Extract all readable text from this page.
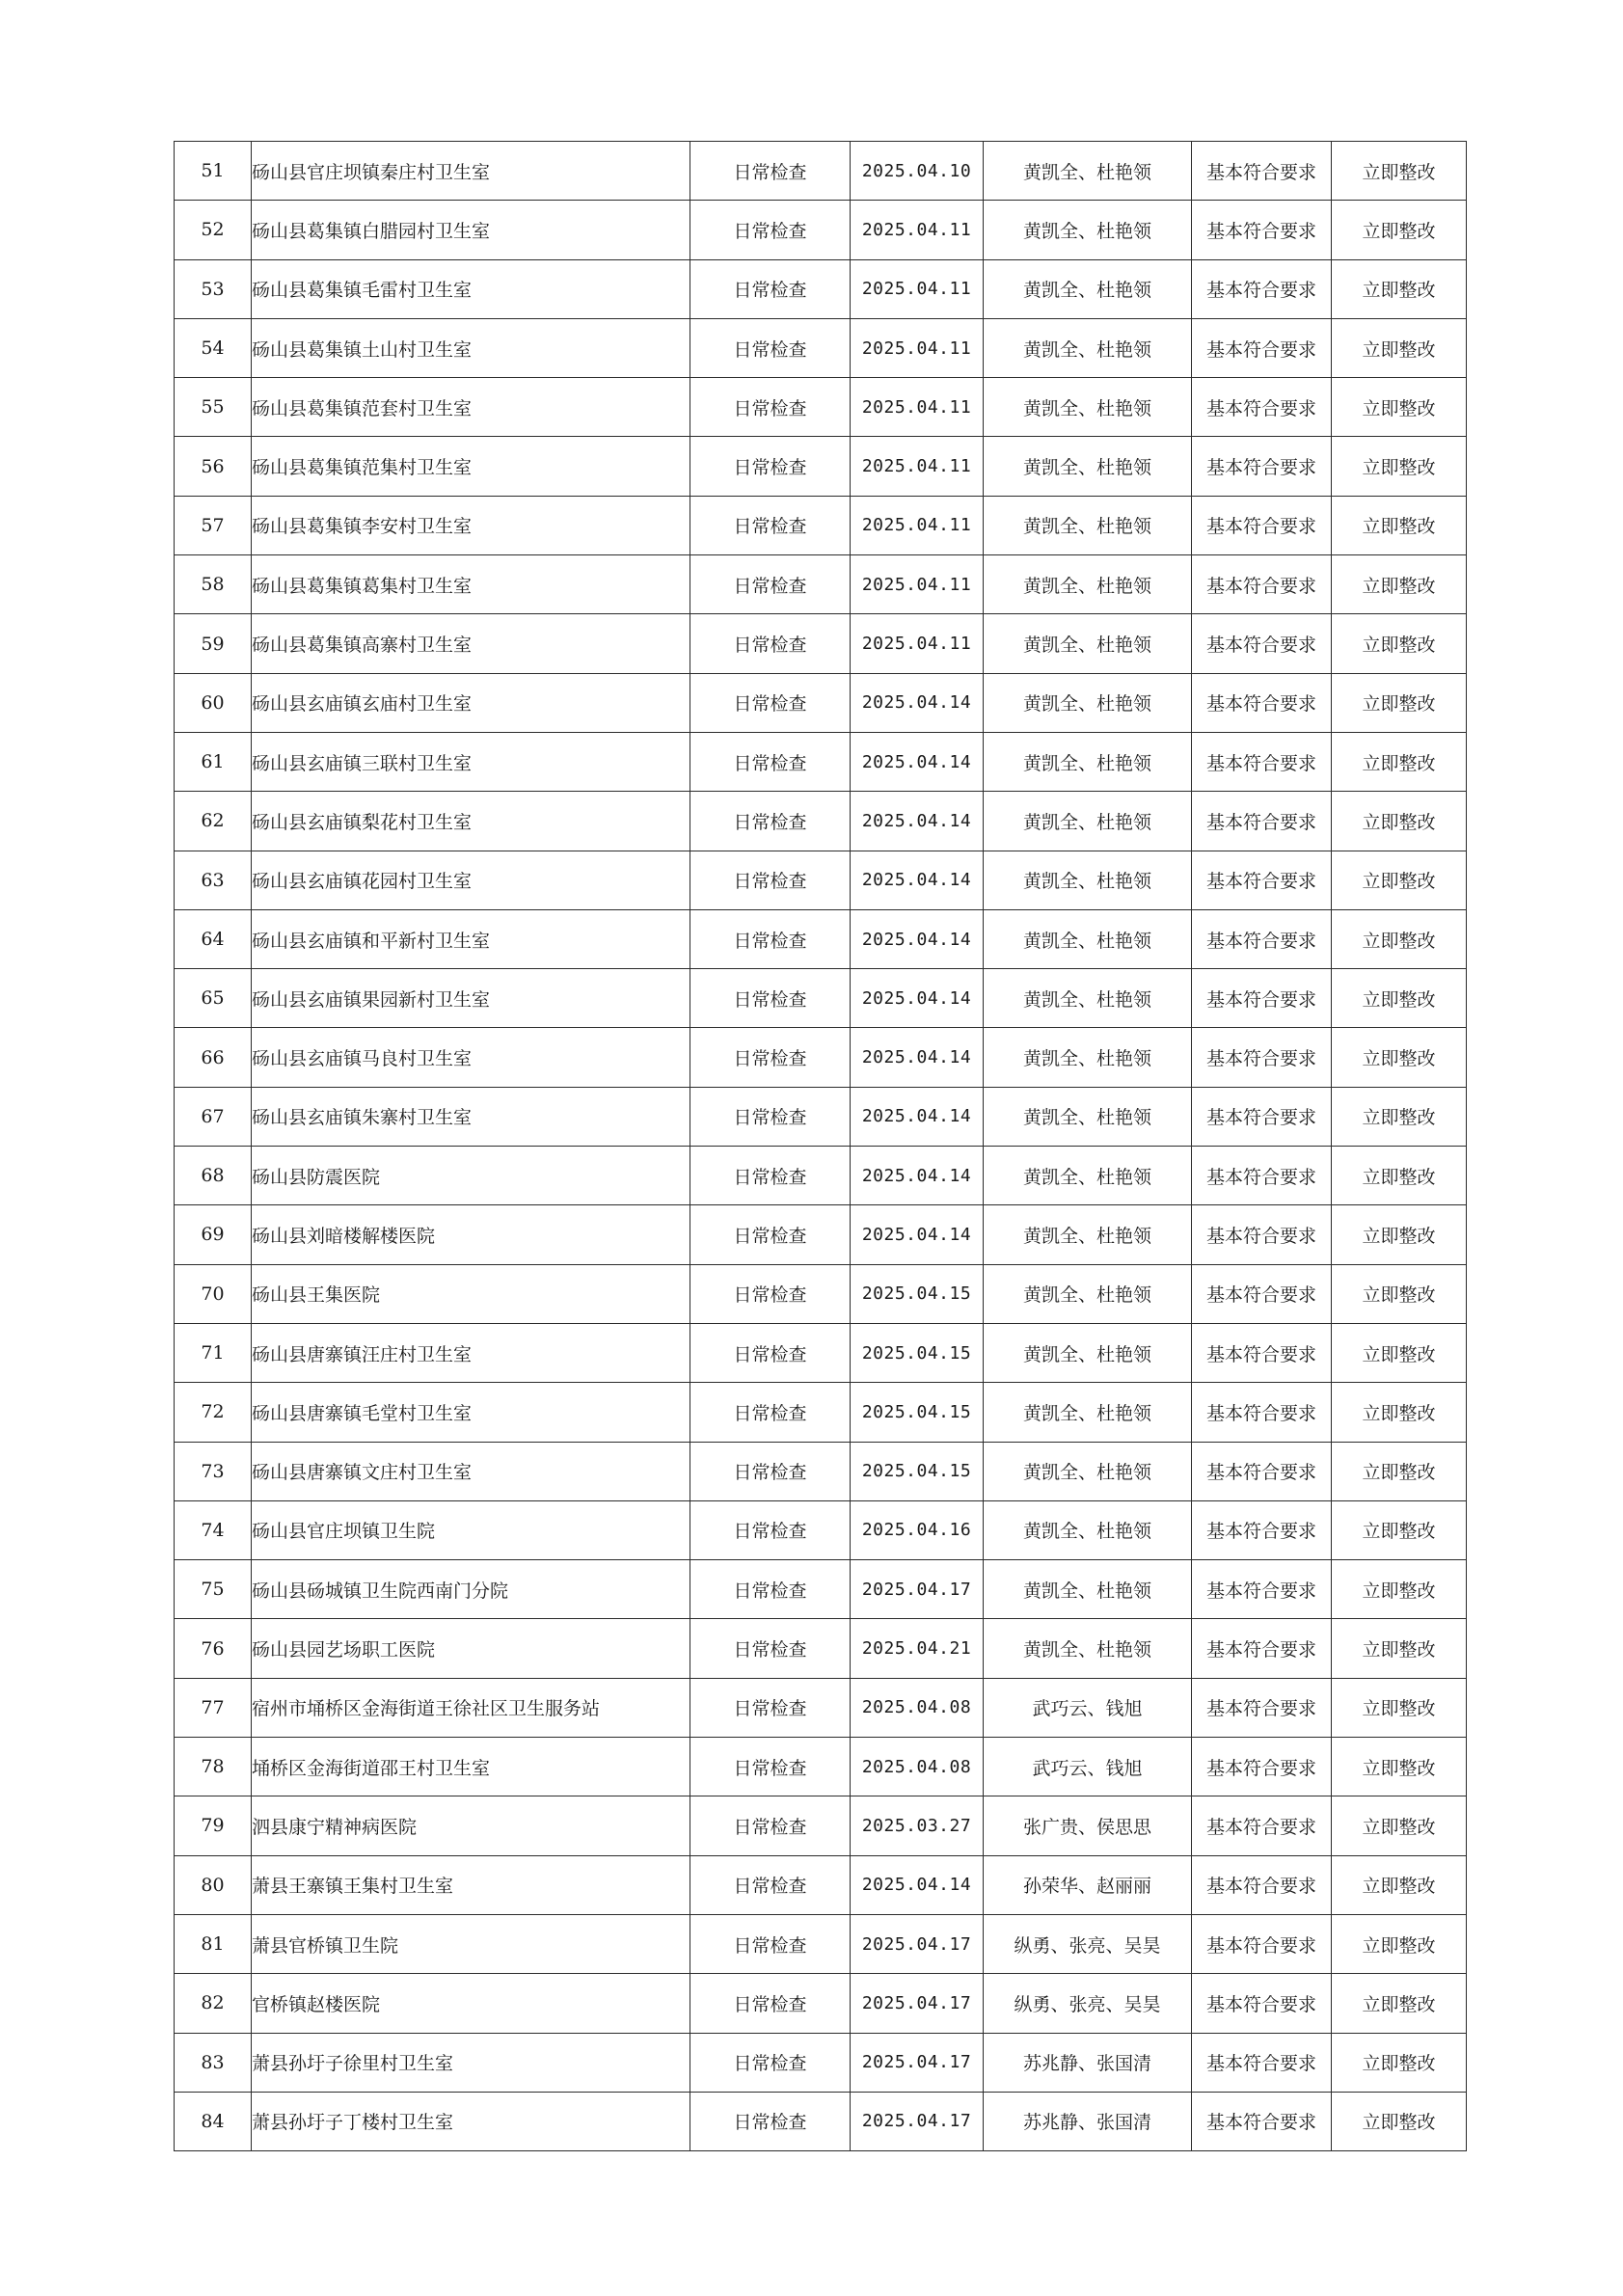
51	砀山县官庄坝镇秦庄村卫生室	日常检查	2025.04.10	黄凯全、杜艳领	基本符合要求	立即整改
52	砀山县葛集镇白腊园村卫生室	日常检查	2025.04.11	黄凯全、杜艳领	基本符合要求	立即整改
53	砀山县葛集镇毛雷村卫生室	日常检查	2025.04.11	黄凯全、杜艳领	基本符合要求	立即整改
54	砀山县葛集镇土山村卫生室	日常检查	2025.04.11	黄凯全、杜艳领	基本符合要求	立即整改
55	砀山县葛集镇范套村卫生室	日常检查	2025.04.11	黄凯全、杜艳领	基本符合要求	立即整改
56	砀山县葛集镇范集村卫生室	日常检查	2025.04.11	黄凯全、杜艳领	基本符合要求	立即整改
57	砀山县葛集镇李安村卫生室	日常检查	2025.04.11	黄凯全、杜艳领	基本符合要求	立即整改
58	砀山县葛集镇葛集村卫生室	日常检查	2025.04.11	黄凯全、杜艳领	基本符合要求	立即整改
59	砀山县葛集镇高寨村卫生室	日常检查	2025.04.11	黄凯全、杜艳领	基本符合要求	立即整改
60	砀山县玄庙镇玄庙村卫生室	日常检查	2025.04.14	黄凯全、杜艳领	基本符合要求	立即整改
61	砀山县玄庙镇三联村卫生室	日常检查	2025.04.14	黄凯全、杜艳领	基本符合要求	立即整改
62	砀山县玄庙镇梨花村卫生室	日常检查	2025.04.14	黄凯全、杜艳领	基本符合要求	立即整改
63	砀山县玄庙镇花园村卫生室	日常检查	2025.04.14	黄凯全、杜艳领	基本符合要求	立即整改
64	砀山县玄庙镇和平新村卫生室	日常检查	2025.04.14	黄凯全、杜艳领	基本符合要求	立即整改
65	砀山县玄庙镇果园新村卫生室	日常检查	2025.04.14	黄凯全、杜艳领	基本符合要求	立即整改
66	砀山县玄庙镇马良村卫生室	日常检查	2025.04.14	黄凯全、杜艳领	基本符合要求	立即整改
67	砀山县玄庙镇朱寨村卫生室	日常检查	2025.04.14	黄凯全、杜艳领	基本符合要求	立即整改
68	砀山县防震医院	日常检查	2025.04.14	黄凯全、杜艳领	基本符合要求	立即整改
69	砀山县刘暗楼解楼医院	日常检查	2025.04.14	黄凯全、杜艳领	基本符合要求	立即整改
70	砀山县王集医院	日常检查	2025.04.15	黄凯全、杜艳领	基本符合要求	立即整改
71	砀山县唐寨镇汪庄村卫生室	日常检查	2025.04.15	黄凯全、杜艳领	基本符合要求	立即整改
72	砀山县唐寨镇毛堂村卫生室	日常检查	2025.04.15	黄凯全、杜艳领	基本符合要求	立即整改
73	砀山县唐寨镇文庄村卫生室	日常检查	2025.04.15	黄凯全、杜艳领	基本符合要求	立即整改
74	砀山县官庄坝镇卫生院	日常检查	2025.04.16	黄凯全、杜艳领	基本符合要求	立即整改
75	砀山县砀城镇卫生院西南门分院	日常检查	2025.04.17	黄凯全、杜艳领	基本符合要求	立即整改
76	砀山县园艺场职工医院	日常检查	2025.04.21	黄凯全、杜艳领	基本符合要求	立即整改
77	宿州市埇桥区金海街道王徐社区卫生服务站	日常检查	2025.04.08	武巧云、钱旭	基本符合要求	立即整改
78	埇桥区金海街道邵王村卫生室	日常检查	2025.04.08	武巧云、钱旭	基本符合要求	立即整改
79	泗县康宁精神病医院	日常检查	2025.03.27	张广贵、侯思思	基本符合要求	立即整改
80	萧县王寨镇王集村卫生室	日常检查	2025.04.14	孙荣华、赵丽丽	基本符合要求	立即整改
81	萧县官桥镇卫生院	日常检查	2025.04.17	纵勇、张亮、吴昊	基本符合要求	立即整改
82	官桥镇赵楼医院	日常检查	2025.04.17	纵勇、张亮、吴昊	基本符合要求	立即整改
83	萧县孙圩子徐里村卫生室	日常检查	2025.04.17	苏兆静、张国清	基本符合要求	立即整改
84	萧县孙圩子丁楼村卫生室	日常检查	2025.04.17	苏兆静、张国清	基本符合要求	立即整改
